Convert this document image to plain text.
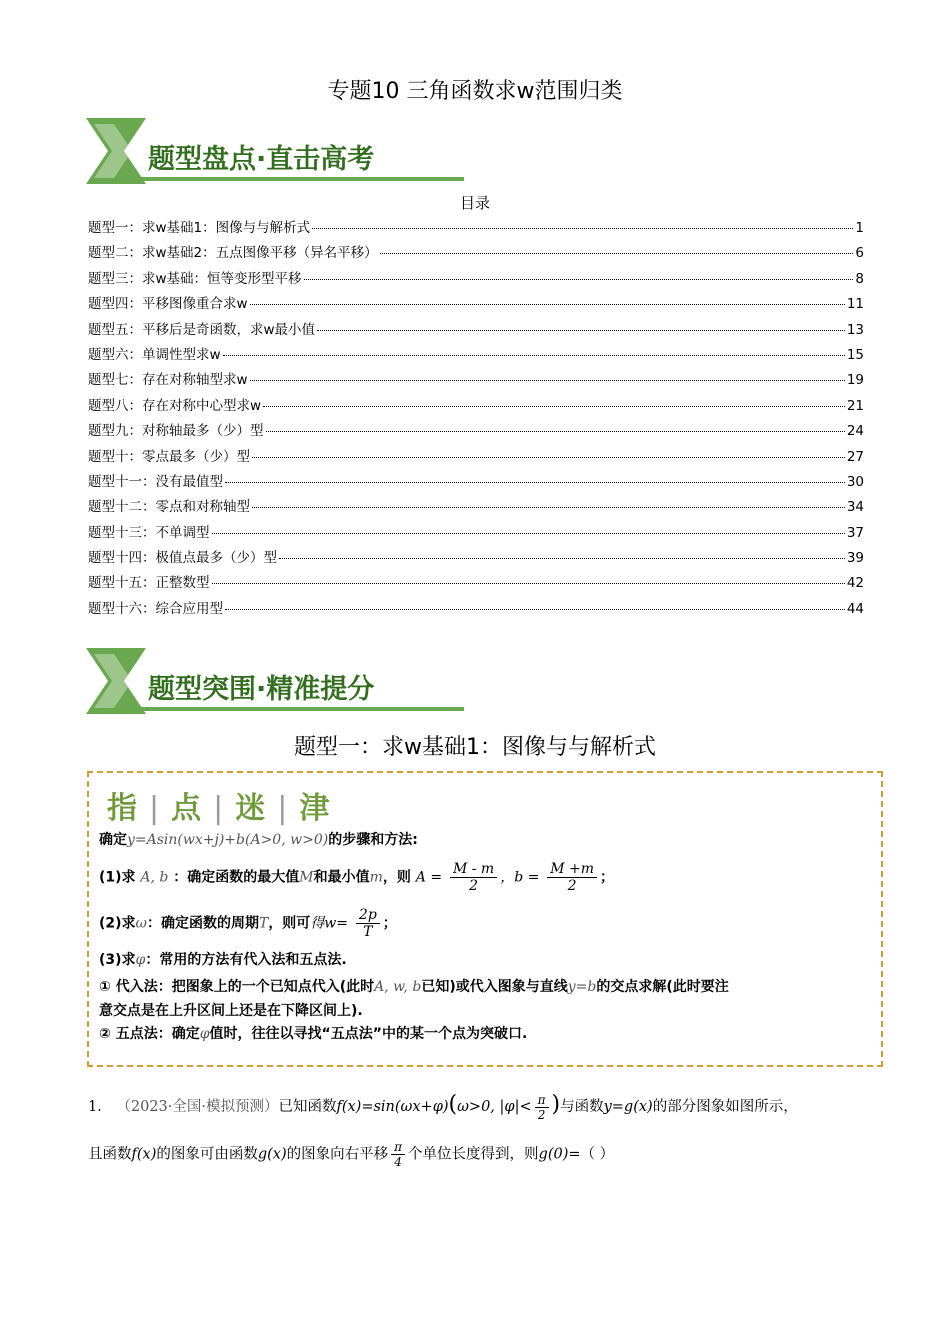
专题10 三角函数求w范围归类
题型盘点·直击高考
目录
题型一：求w基础1：图像与与解析式	1
题型二：求w基础2：五点图像平移（异名平移）	6
题型三：求w基础：恒等变形型平移	8
题型四：平移图像重合求w	11
题型五：平移后是奇函数，求w最小值	13
题型六：单调性型求w	15
题型七：存在对称轴型求w	19
题型八：存在对称中心型求w	21
题型九：对称轴最多（少）型	24
题型十：零点最多（少）型	27
题型十一：没有最值型	30
题型十二：零点和对称轴型	34
题型十三：不单调型	37
题型十四：极值点最多（少）型	39
题型十五：正整数型	42
题型十六：综合应用型	44
题型突围·精准提分
题型一：求w基础1：图像与与解析式
指 | 点 | 迷 | 津
确定y=Asin(wx+j)+b(A>0, w>0)的步骤和方法:
(1)求 A, b ：确定函数的最大值M和最小值m，则 $A = \frac{M - m}{2}$ ，$b = \frac{M +m}{2}$ ；
(2)求ω：确定函数的周期T，则可得$w= \frac{2p}{T}$ ；
(3)求φ：常用的方法有代入法和五点法.
① 代入法：把图象上的一个已知点代入(此时A, w, b已知)或代入图象与直线y=b的交点求解(此时要注
意交点是在上升区间上还是在下降区间上).
② 五点法：确定φ值时，往往以寻找“五点法”中的某一个点为突破口.
1． （2023·全国·模拟预测）已知函数f(x)=sin(ωx+φ)(ω>0, $|\varphi|< \frac{\pi}{2}$ )与函数y=g(x)的部分图象如图所示，
且函数f(x)的图象可由函数g(x)的图象向右平移 $\frac{\pi}{4}$ 个单位长度得到，则g(0)=（ ）
